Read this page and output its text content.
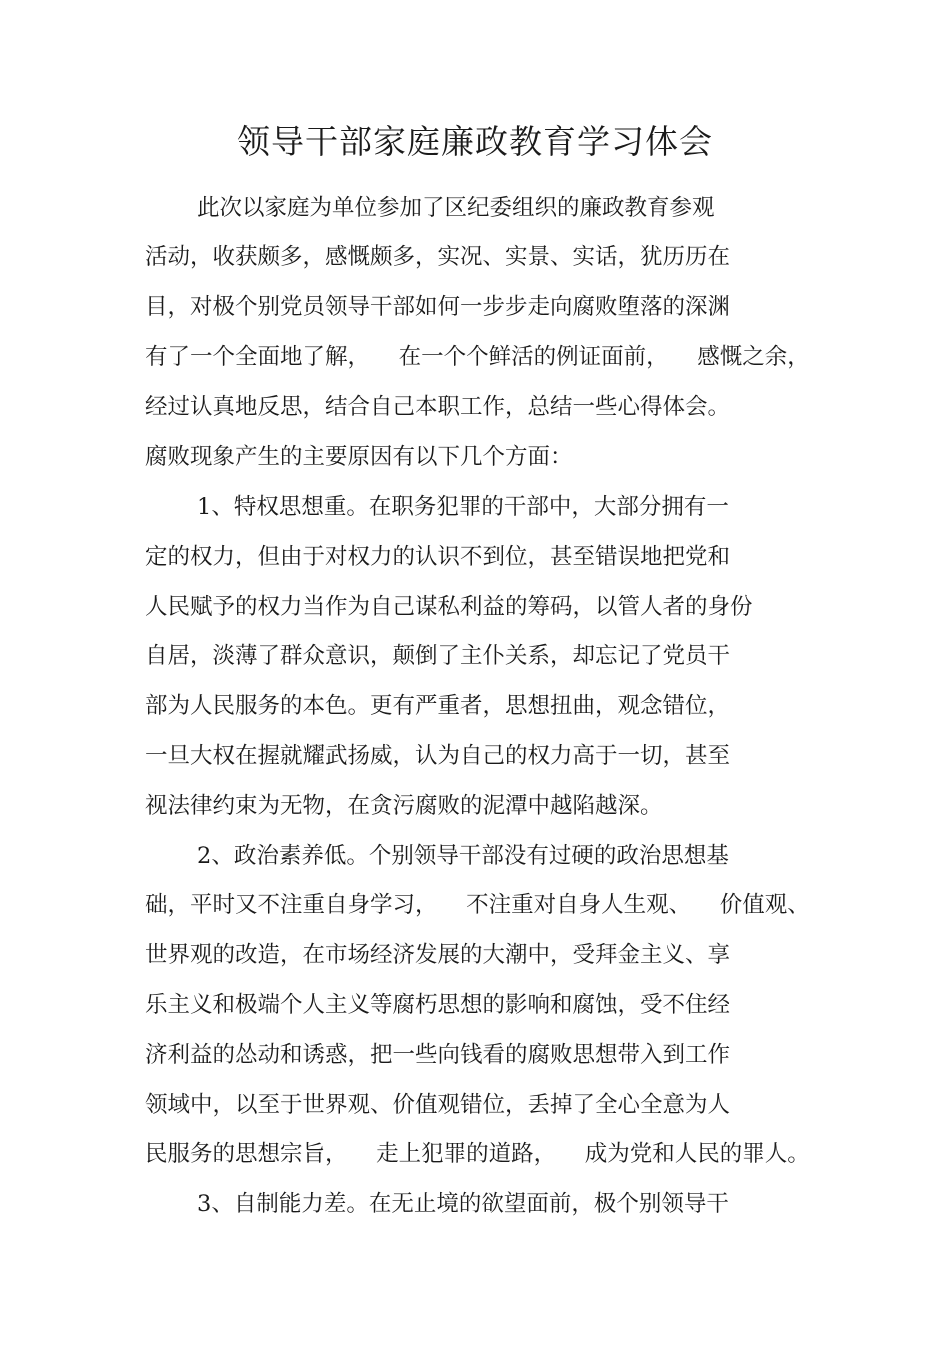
领导干部家庭廉政教育学习体会
此次以家庭为单位参加了区纪委组织的廉政教育参观
活动，收获颇多，感慨颇多，实况、实景、实话，犹历历在
目，对极个别党员领导干部如何一步步走向腐败堕落的深渊
有了一个全面地了解，    在一个个鲜活的例证面前，    感慨之余，
经过认真地反思，结合自己本职工作，总结一些心得体会。
腐败现象产生的主要原因有以下几个方面：
1、特权思想重。在职务犯罪的干部中，大部分拥有一
定的权力，但由于对权力的认识不到位，甚至错误地把党和
人民赋予的权力当作为自己谋私利益的筹码，以管人者的身份
自居，淡薄了群众意识，颠倒了主仆关系，却忘记了党员干
部为人民服务的本色。更有严重者，思想扭曲，观念错位，
一旦大权在握就耀武扬威，认为自己的权力高于一切，甚至
视法律约束为无物，在贪污腐败的泥潭中越陷越深。
2、政治素养低。个别领导干部没有过硬的政治思想基
础，平时又不注重自身学习，    不注重对自身人生观、    价值观、
世界观的改造，在市场经济发展的大潮中，受拜金主义、享
乐主义和极端个人主义等腐朽思想的影响和腐蚀，受不住经
济利益的怂动和诱惑，把一些向钱看的腐败思想带入到工作
领域中，以至于世界观、价值观错位，丢掉了全心全意为人
民服务的思想宗旨，    走上犯罪的道路，    成为党和人民的罪人。
3、自制能力差。在无止境的欲望面前，极个别领导干
